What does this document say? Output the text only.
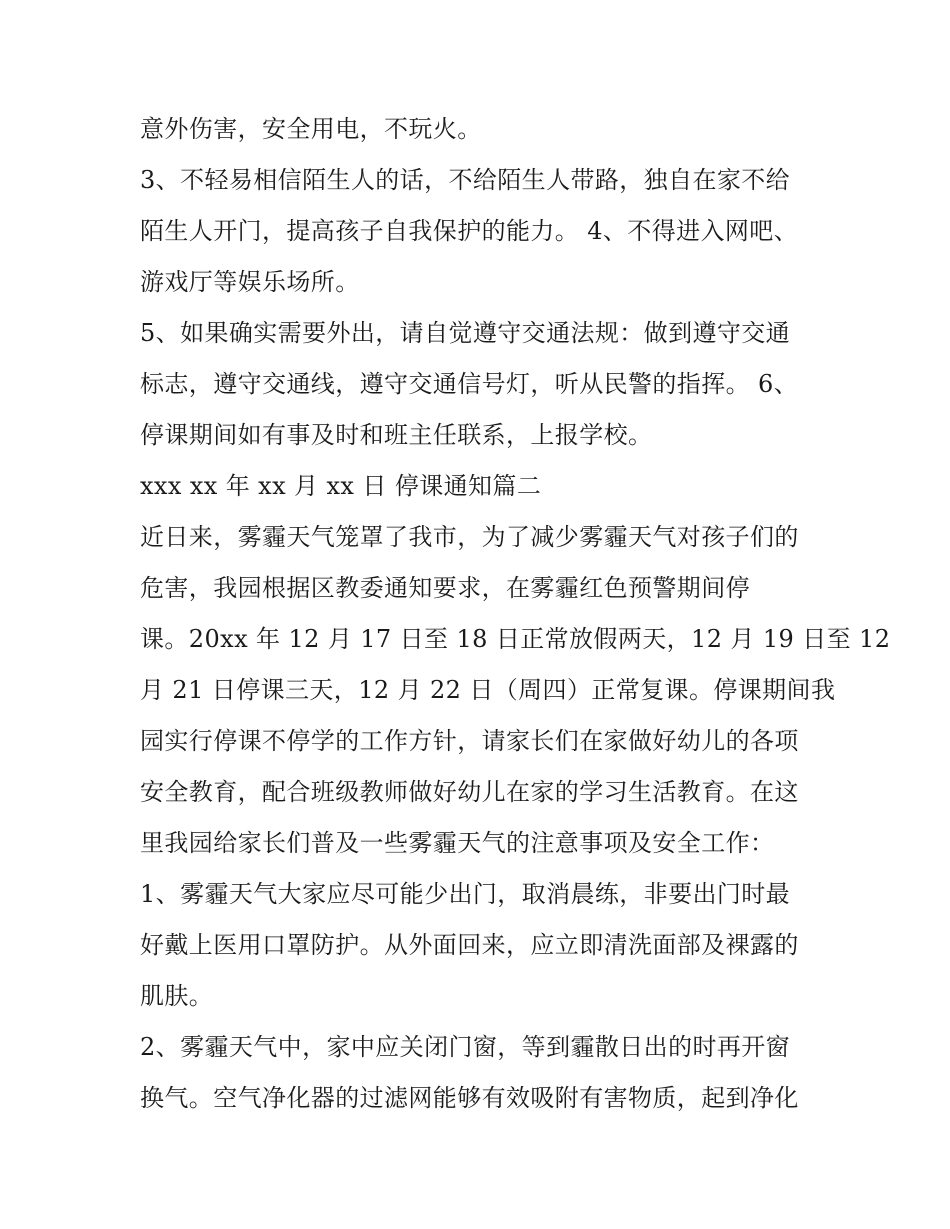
意外伤害，安全用电，不玩火。
3、不轻易相信陌生人的话，不给陌生人带路，独自在家不给
陌生人开门，提高孩子自我保护的能力。 4、不得进入网吧、
游戏厅等娱乐场所。
5、如果确实需要外出，请自觉遵守交通法规：做到遵守交通
标志，遵守交通线，遵守交通信号灯，听从民警的指挥。 6、
停课期间如有事及时和班主任联系，上报学校。
xxx xx 年 xx 月 xx 日 停课通知篇二
近日来，雾霾天气笼罩了我市，为了减少雾霾天气对孩子们的
危害，我园根据区教委通知要求，在雾霾红色预警期间停
课。20xx 年 12 月 17 日至 18 日正常放假两天，12 月 19 日至 12
月 21 日停课三天，12 月 22 日（周四）正常复课。停课期间我
园实行停课不停学的工作方针，请家长们在家做好幼儿的各项
安全教育，配合班级教师做好幼儿在家的学习生活教育。在这
里我园给家长们普及一些雾霾天气的注意事项及安全工作：
1、雾霾天气大家应尽可能少出门，取消晨练，非要出门时最
好戴上医用口罩防护。从外面回来，应立即清洗面部及裸露的
肌肤。
2、雾霾天气中，家中应关闭门窗，等到霾散日出的时再开窗
换气。空气净化器的过滤网能够有效吸附有害物质，起到净化
